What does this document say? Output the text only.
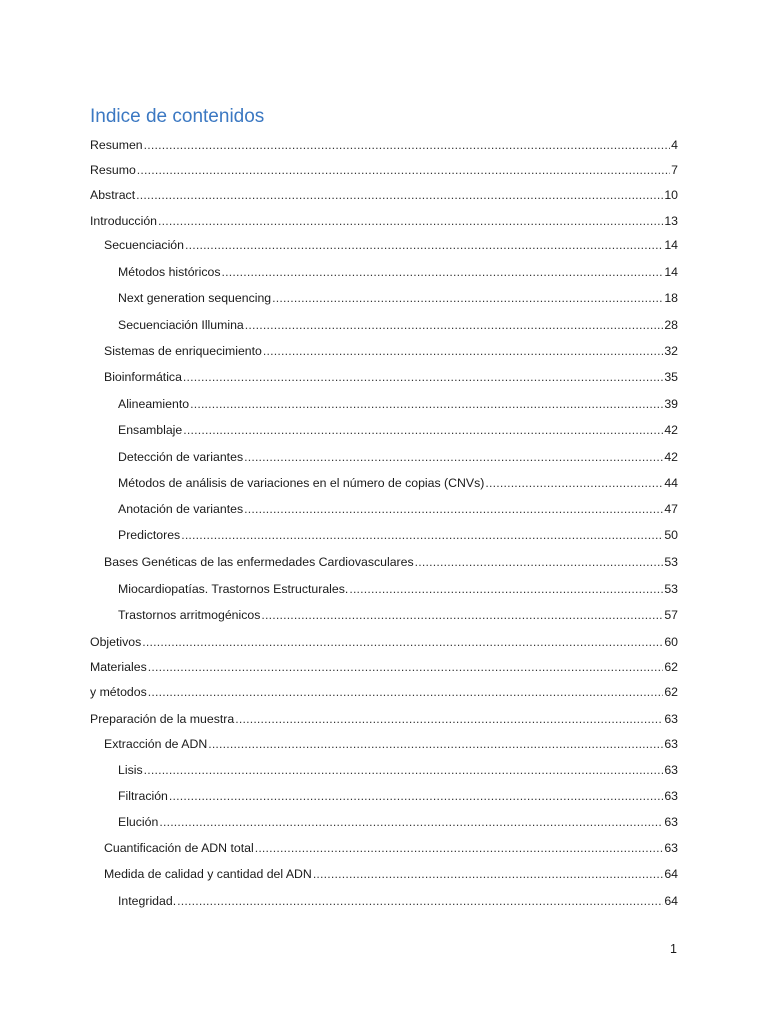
Indice de contenidos
Resumen .....	4
Resumo .....	7
Abstract .....	10
Introducción .....	13
Secuenciación .....	14
Métodos históricos .....	14
Next generation sequencing .....	18
Secuenciación Illumina .....	28
Sistemas de enriquecimiento .....	32
Bioinformática .....	35
Alineamiento .....	39
Ensamblaje .....	42
Detección de variantes .....	42
Métodos de análisis de variaciones en el número de copias (CNVs) .....	44
Anotación de variantes .....	47
Predictores .....	50
Bases Genéticas de las enfermedades Cardiovasculares .....	53
Miocardiopatías. Trastornos Estructurales. .....	53
Trastornos arritmogénicos .....	57
Objetivos .....	60
Materiales .....	62
y métodos .....	62
Preparación de la muestra .....	63
Extracción de ADN .....	63
Lisis .....	63
Filtración .....	63
Elución .....	63
Cuantificación de ADN total .....	63
Medida de calidad y cantidad del ADN .....	64
Integridad. .....	64
1
